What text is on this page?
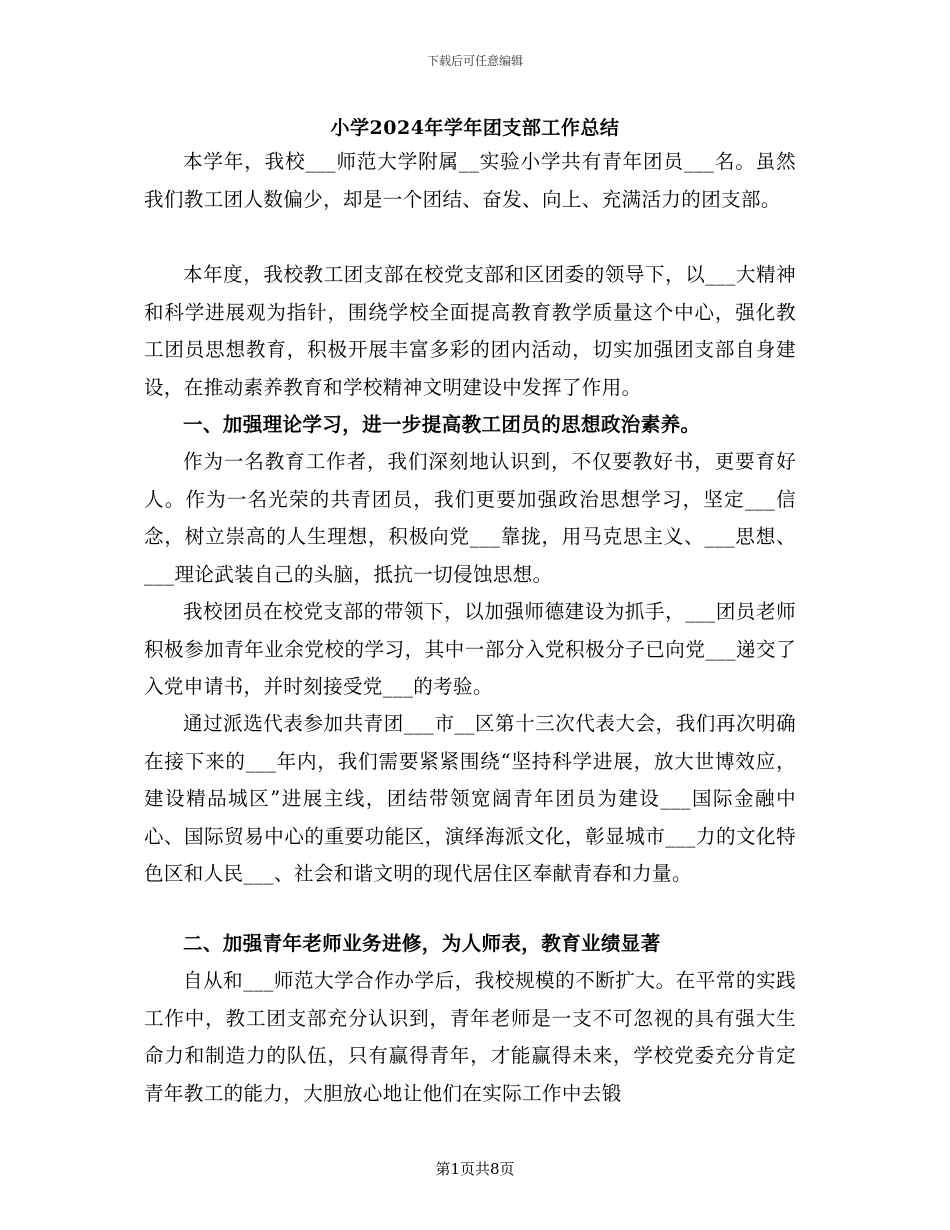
下载后可任意编辑
小学2024年学年团支部工作总结

本学年，我校___师范大学附属__实验小学共有青年团员___名。虽然我们教工团人数偏少，却是一个团结、奋发、向上、充满活力的团支部。

本年度，我校教工团支部在校党支部和区团委的领导下，以___大精神和科学进展观为指针，围绕学校全面提高教育教学质量这个中心，强化教工团员思想教育，积极开展丰富多彩的团内活动，切实加强团支部自身建设，在推动素养教育和学校精神文明建设中发挥了作用。

一、加强理论学习，进一步提高教工团员的思想政治素养。

作为一名教育工作者，我们深刻地认识到，不仅要教好书，更要育好人。作为一名光荣的共青团员，我们更要加强政治思想学习，坚定___信念，树立崇高的人生理想，积极向党___靠拢，用马克思主义、___思想、___理论武装自己的头脑，抵抗一切侵蚀思想。

我校团员在校党支部的带领下，以加强师德建设为抓手，___团员老师积极参加青年业余党校的学习，其中一部分入党积极分子已向党___递交了入党申请书，并时刻接受党___的考验。

通过派选代表参加共青团___市__区第十三次代表大会，我们再次明确在接下来的___年内，我们需要紧紧围绕“坚持科学进展，放大世博效应，建设精品城区”进展主线，团结带领宽阔青年团员为建设___国际金融中心、国际贸易中心的重要功能区，演绎海派文化，彰显城市___力的文化特色区和人民___、社会和谐文明的现代居住区奉献青春和力量。

二、加强青年老师业务进修，为人师表，教育业绩显著

自从和___师范大学合作办学后，我校规模的不断扩大。在平常的实践工作中，教工团支部充分认识到，青年老师是一支不可忽视的具有强大生命力和制造力的队伍，只有赢得青年，才能赢得未来，学校党委充分肯定青年教工的能力，大胆放心地让他们在实际工作中去锻

第1页共8页
